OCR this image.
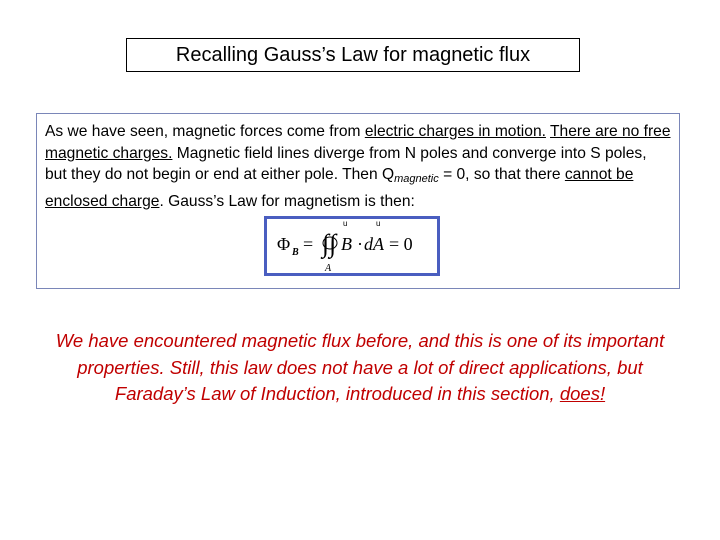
Recalling Gauss’s Law for magnetic flux

As we have seen, magnetic forces come from electric charges in motion. There are no free magnetic charges. Magnetic field lines diverge from N poles and converge into S poles, but they do not begin or end at either pole. Then $Q_{magnetic} = 0$, so that there cannot be enclosed charge. Gauss’s Law for magnetism is then:

Φ B = ∫∫
A
u
B ·
u
dA = 0

We have encountered magnetic flux before, and this is one of its important properties. Still, this law does not have a lot of direct applications, but Faraday’s Law of Induction, introduced in this section, does!
